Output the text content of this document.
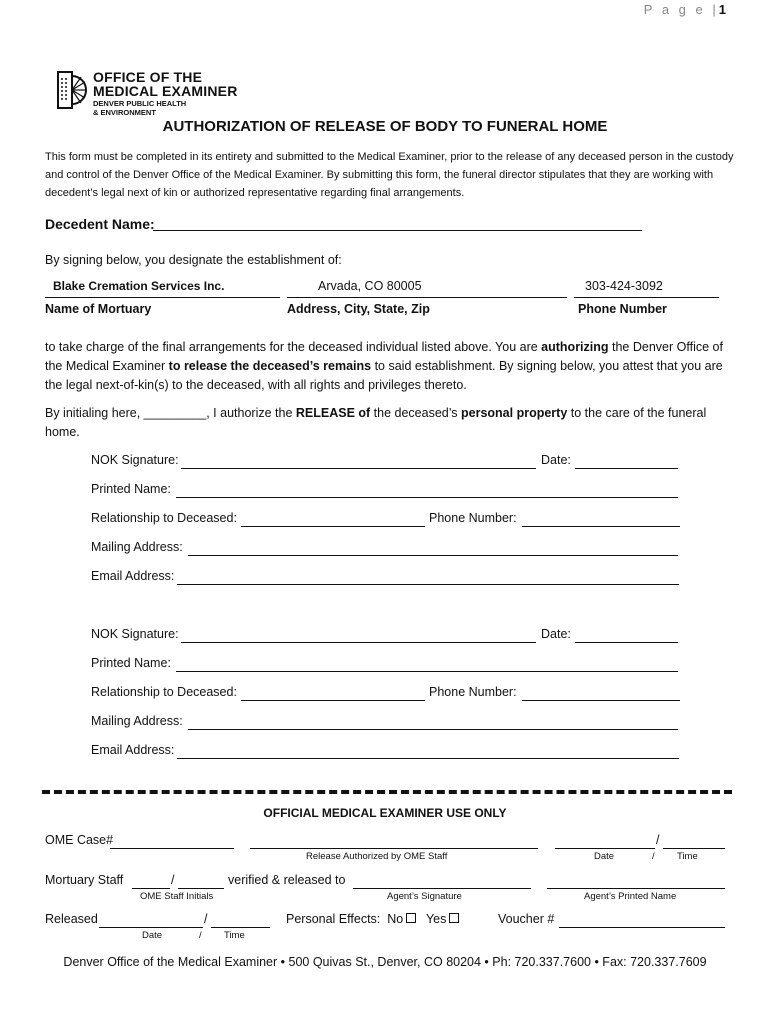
P a g e |1
OFFICE OF THE
MEDICAL EXAMINER
DENVER PUBLIC HEALTH
& ENVIRONMENT
AUTHORIZATION OF RELEASE OF BODY TO FUNERAL HOME
This form must be completed in its entirety and submitted to the Medical Examiner, prior to the release of any deceased person in the custody and control of the Denver Office of the Medical Examiner. By submitting this form, the funeral director stipulates that they are working with decedent’s legal next of kin or authorized representative regarding final arrangements.
Decedent Name:
By signing below, you designate the establishment of:
Blake Cremation Services Inc.	Arvada, CO 80005	303-424-3092
Name of Mortuary	Address, City, State, Zip	Phone Number
to take charge of the final arrangements for the deceased individual listed above. You are authorizing the Denver Office of the Medical Examiner to release the deceased’s remains to said establishment. By signing below, you attest that you are the legal next-of-kin(s) to the deceased, with all rights and privileges thereto.
By initialing here, _________, I authorize the RELEASE of the deceased’s personal property to the care of the funeral home.
NOK Signature:	Date:
Printed Name:
Relationship to Deceased:	Phone Number:
Mailing Address:
Email Address:
NOK Signature:	Date:
Printed Name:
Relationship to Deceased:	Phone Number:
Mailing Address:
Email Address:
OFFICIAL MEDICAL EXAMINER USE ONLY
OME Case#	/
Release Authorized by OME Staff	Date	/ Time
Mortuary Staff	/	verified & released to
OME Staff Initials	Agent’s Signature	Agent’s Printed Name
Released	/	Personal Effects: No Yes	Voucher #
Date	/ Time
Denver Office of the Medical Examiner • 500 Quivas St., Denver, CO 80204 • Ph: 720.337.7600 • Fax: 720.337.7609
